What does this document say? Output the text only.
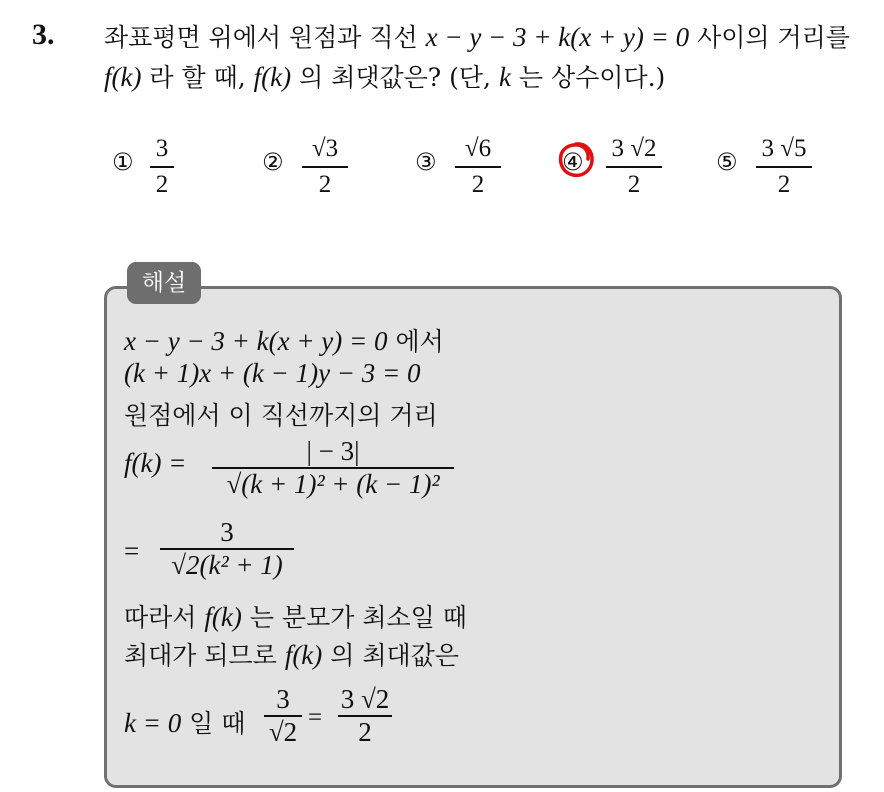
3. 좌표평면 위에서 원점과 직선 x − y − 3 + k(x + y) = 0 사이의 거리를
f(k) 라 할 때, f(k) 의 최댓값은? (단, k 는 상수이다.)
① 3
2
②	√3
2
③	√6
2
④ 3 √2
2
⑤ 3 √5
2
해설
x − y − 3 + k(x + y) = 0 에서
(k + 1)x + (k − 1)y − 3 = 0
원점에서 이 직선까지의 거리
f(k) =	| − 3|
√(k + 1)² + (k − 1)²
=
3
√2(k² + 1)
따라서 f(k) 는 분모가 최소일 때
최대가 되므로 f(k) 의 최대값은
k = 0 일 때
3
√2 =
3 √2
2
